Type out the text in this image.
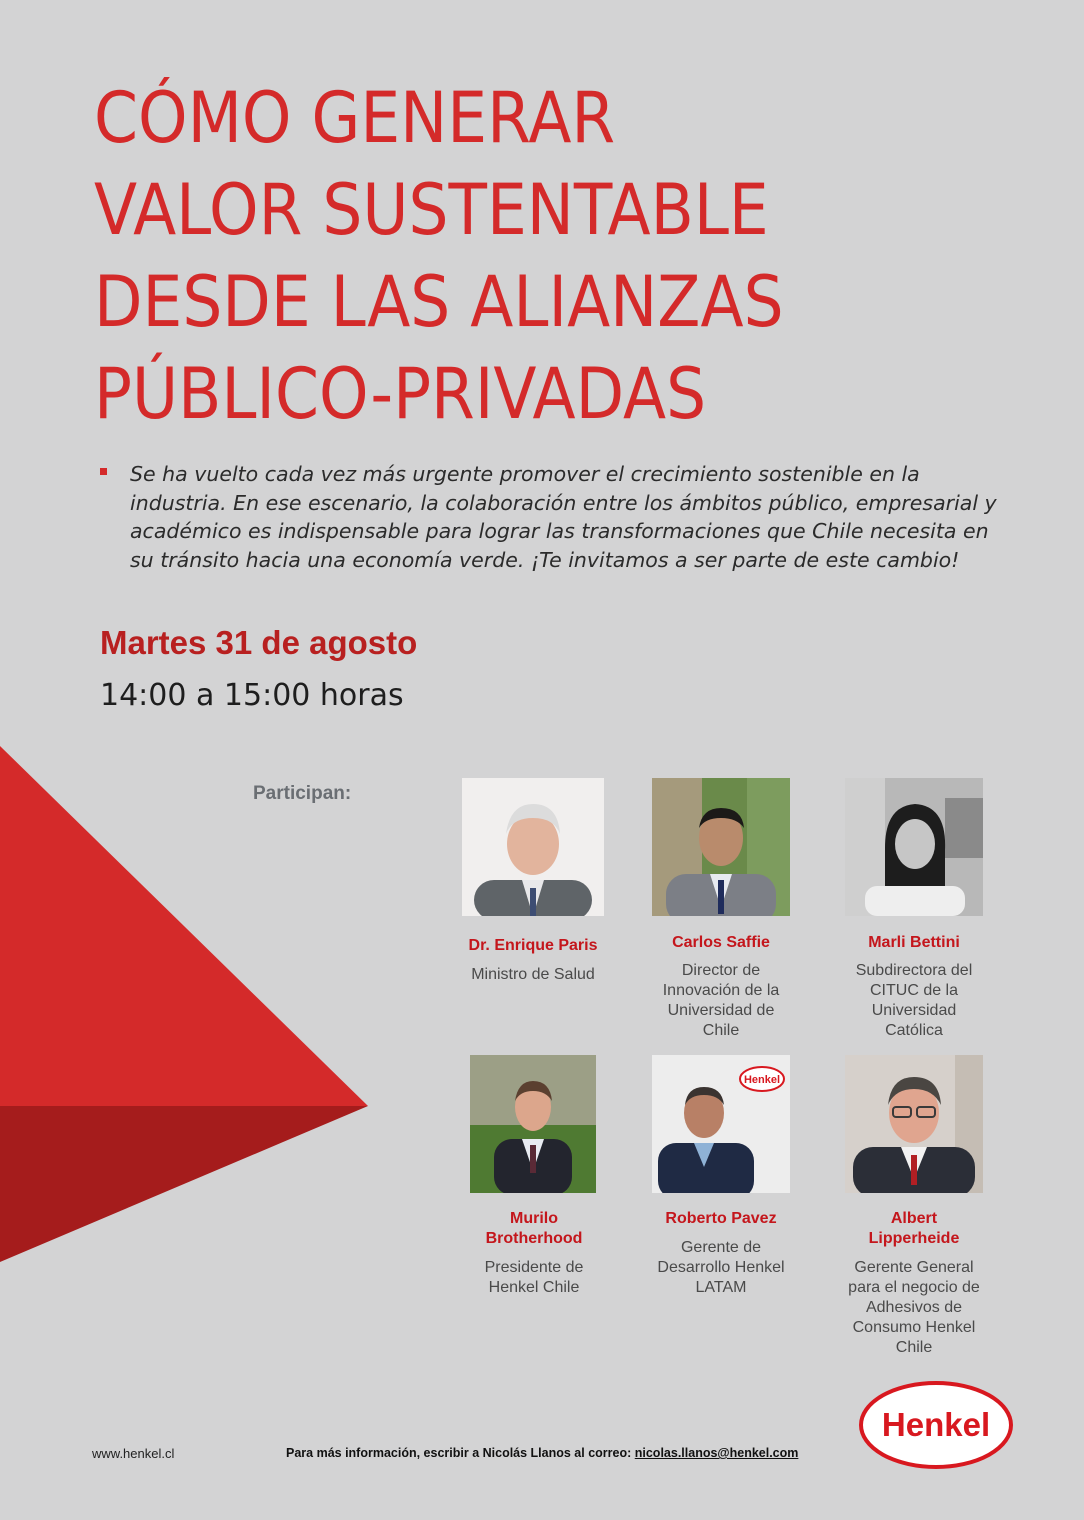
CÓMO GENERAR
VALOR SUSTENTABLE
DESDE LAS ALIANZAS
PÚBLICO-PRIVADAS
Se ha vuelto cada vez más urgente promover el crecimiento sostenible en la industria. En ese escenario, la colaboración entre los ámbitos público, empresarial y académico es indispensable para lograr las transformaciones que Chile necesita en su tránsito hacia una economía verde. ¡Te invitamos a ser parte de este cambio!
Martes 31 de agosto
14:00 a 15:00 horas
Participan:
Dr. Enrique Paris
Ministro de Salud
Carlos Saffie
Director de Innovación de la Universidad de Chile
Marli Bettini
Subdirectora del CITUC de la Universidad Católica
Henkel
Murilo Brotherhood
Presidente de Henkel Chile
Roberto Pavez
Gerente de Desarrollo Henkel LATAM
Albert Lipperheide
Gerente General para el negocio de Adhesivos de Consumo Henkel Chile
www.henkel.cl	Para más información, escribir a Nicolás Llanos al correo: nicolas.llanos@henkel.com
Henkel
